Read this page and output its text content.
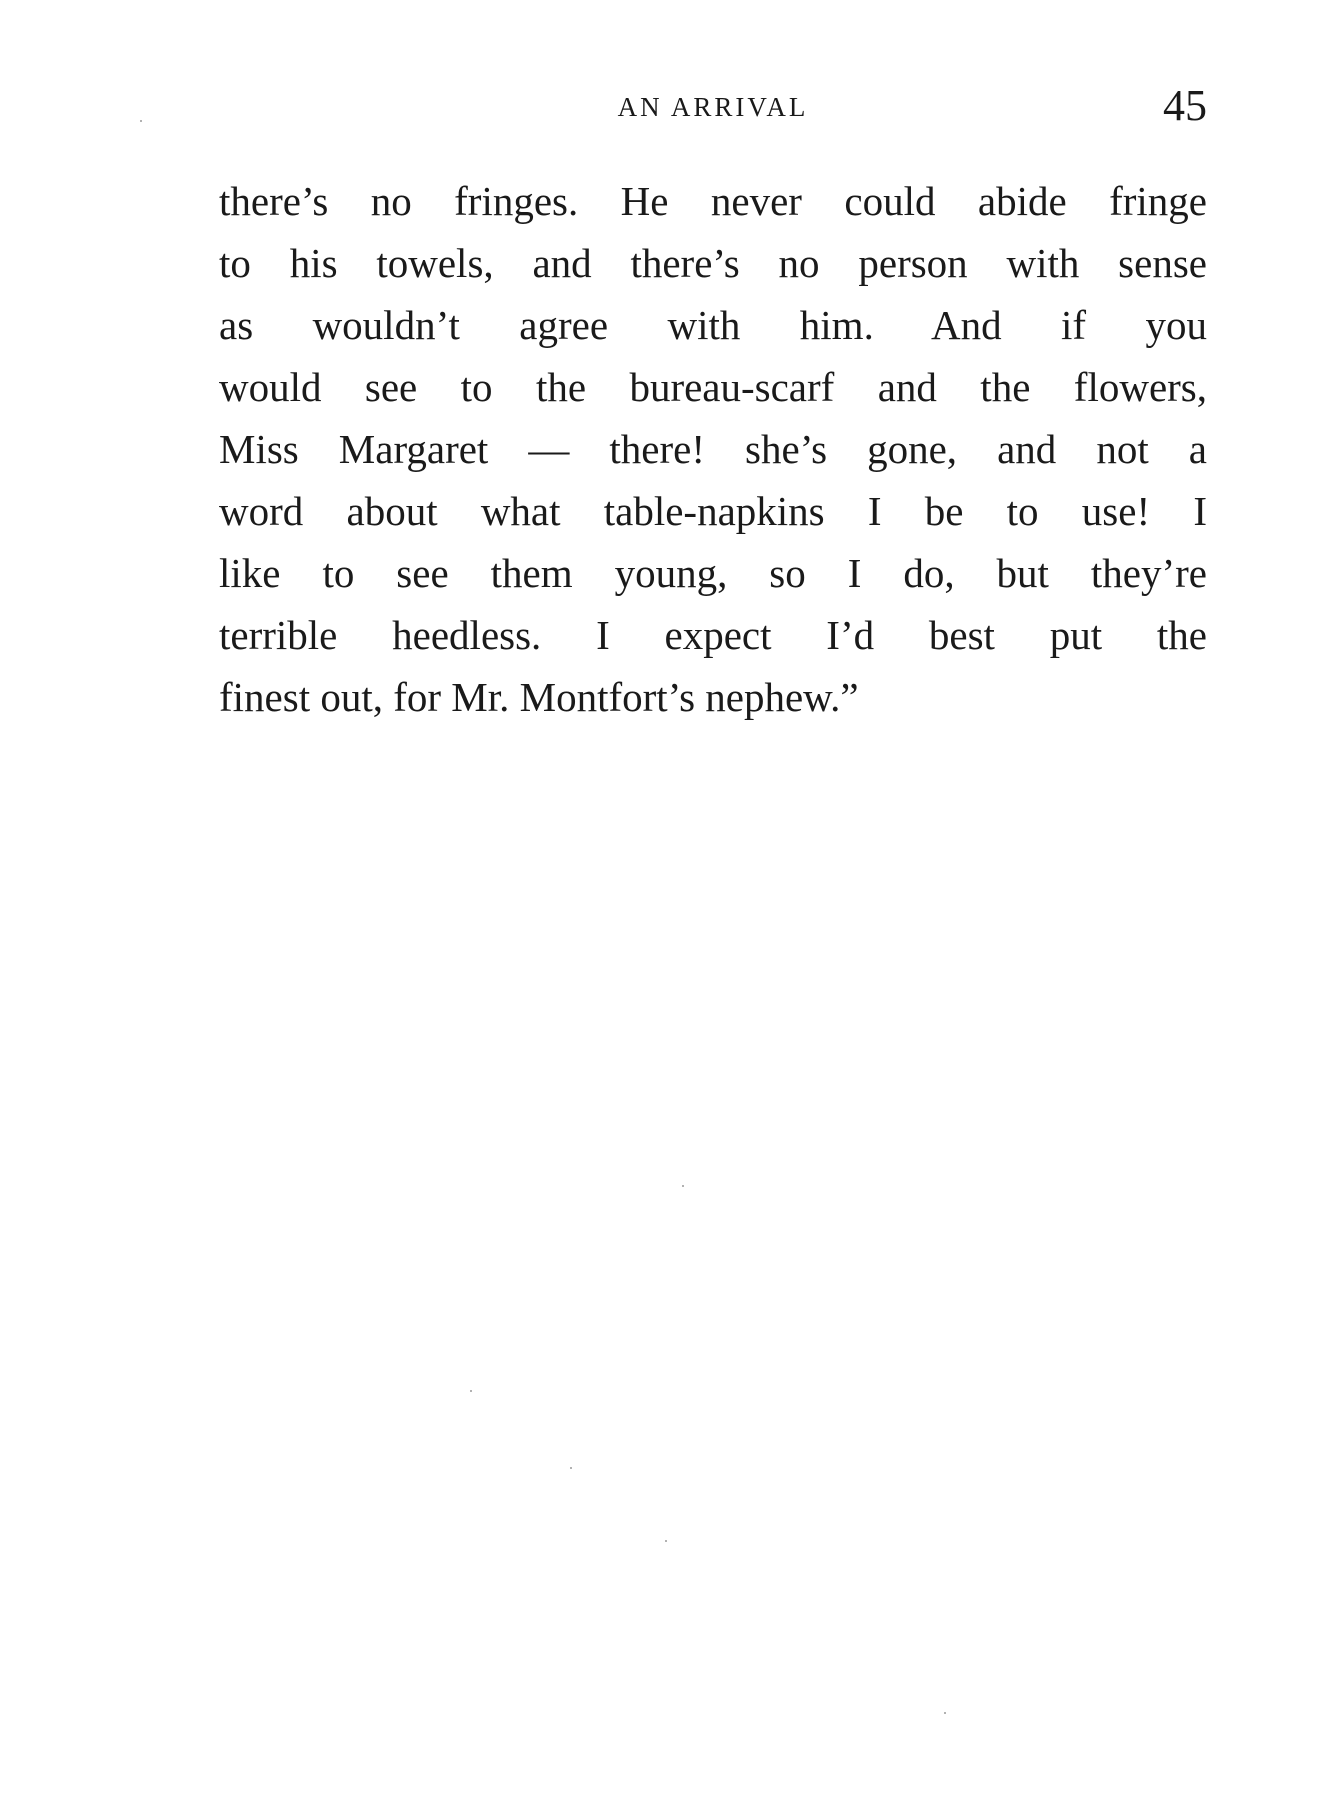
AN ARRIVAL	45
there’s no fringes. He never could abide fringe
to his towels, and there’s no person with sense
as wouldn’t agree with him. And if you
would see to the bureau-scarf and the flowers,
Miss Margaret — there! she’s gone, and not a
word about what table-napkins I be to use! I
like to see them young, so I do, but they’re
terrible heedless. I expect I’d best put the
finest out, for Mr. Montfort’s nephew.”
